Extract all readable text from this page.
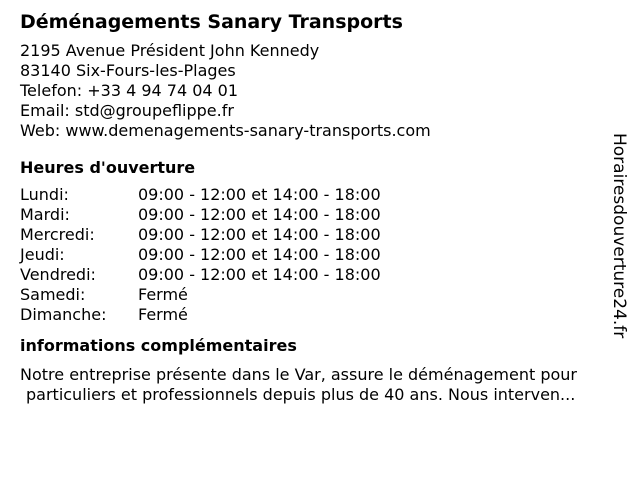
Déménagements Sanary Transports
2195 Avenue Président John Kennedy
83140 Six-Fours-les-Plages
Telefon: +33 4 94 74 04 01
Email: std@groupeflippe.fr
Web: www.demenagements-sanary-transports.com
Heures d'ouverture
Lundi:	09:00 - 12:00 et 14:00 - 18:00
Mardi:	09:00 - 12:00 et 14:00 - 18:00
Mercredi:	09:00 - 12:00 et 14:00 - 18:00
Jeudi:	09:00 - 12:00 et 14:00 - 18:00
Vendredi:	09:00 - 12:00 et 14:00 - 18:00
Samedi:	Fermé
Dimanche: Fermé
informations complémentaires
Notre entreprise présente dans le Var, assure le déménagement pour
particuliers et professionnels depuis plus de 40 ans. Nous interven...
Horairesdouverture24.fr
